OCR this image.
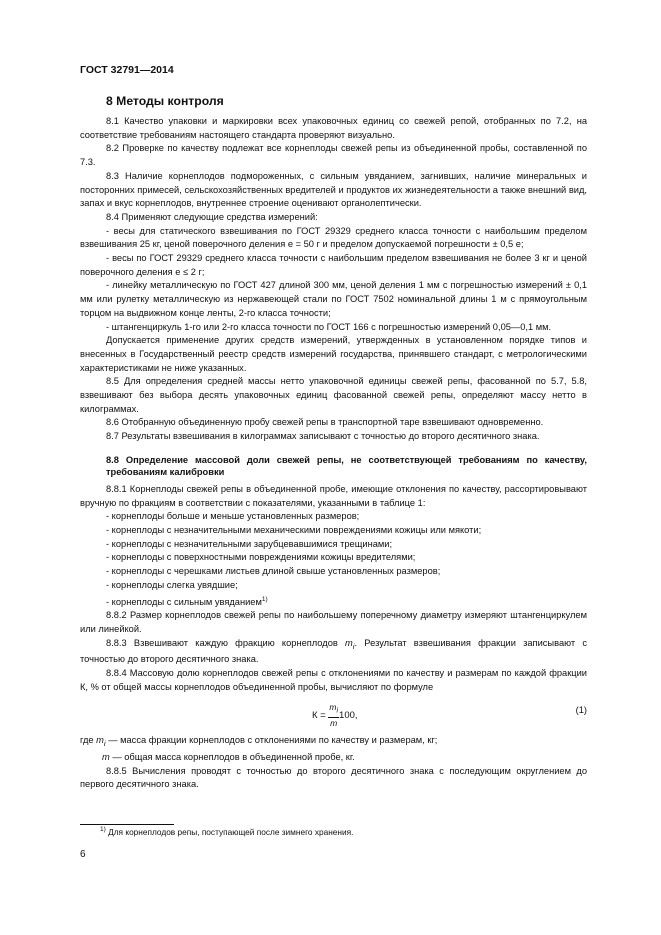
ГОСТ 32791—2014
8 Методы контроля

8.1 Качество упаковки и маркировки всех упаковочных единиц со свежей репой, отобранных по 7.2, на соответствие требованиям настоящего стандарта проверяют визуально.

8.2 Проверке по качеству подлежат все корнеплоды свежей репы из объединенной пробы, составленной по 7.3.

8.3 Наличие корнеплодов подмороженных, с сильным увяданием, загнивших, наличие минеральных и посторонних примесей, сельскохозяйственных вредителей и продуктов их жизнедеятельности а также внешний вид, запах и вкус корнеплодов, внутреннее строение оценивают органолептически.

8.4 Применяют следующие средства измерений:

- весы для статического взвешивания по ГОСТ 29329 среднего класса точности с наибольшим пределом взвешивания 25 кг, ценой поверочного деления е = 50 г и пределом допускаемой погрешности ± 0,5 е;

- весы по ГОСТ 29329 среднего класса точности с наибольшим пределом взвешивания не более 3 кг и ценой поверочного деления е ≤ 2 г;

- линейку металлическую по ГОСТ 427 длиной 300 мм, ценой деления 1 мм с погрешностью измерений ± 0,1 мм или рулетку металлическую из нержавеющей стали по ГОСТ 7502 номинальной длины 1 м с прямоугольным торцом на выдвижном конце ленты, 2-го класса точности;

- штангенциркуль 1-го или 2-го класса точности по ГОСТ 166 с погрешностью измерений 0,05—0,1 мм.

Допускается применение других средств измерений, утвержденных в установленном порядке типов и внесенных в Государственный реестр средств измерений государства, принявшего стандарт, с метрологическими характеристиками не ниже указанных.

8.5 Для определения средней массы нетто упаковочной единицы свежей репы, фасованной по 5.7, 5.8, взвешивают без выбора десять упаковочных единиц фасованной свежей репы, определяют массу нетто в килограммах.

8.6 Отобранную объединенную пробу свежей репы в транспортной таре взвешивают одновременно.

8.7 Результаты взвешивания в килограммах записывают с точностью до второго десятичного знака.

8.8 Определение массовой доли свежей репы, не соответствующей требованиям по качеству, требованиям калибровки

8.8.1 Корнеплоды свежей репы в объединенной пробе, имеющие отклонения по качеству, рассортировывают вручную по фракциям в соответствии с показателями, указанными в таблице 1:

- корнеплоды больше и меньше установленных размеров;

- корнеплоды с незначительными механическими повреждениями кожицы или мякоти;

- корнеплоды с незначительными зарубцевавшимися трещинами;

- корнеплоды с поверхностными повреждениями кожицы вредителями;

- корнеплоды с черешками листьев длиной свыше установленных размеров;

- корнеплоды слегка увядшие;

- корнеплоды с сильным увяданием$^{1)}$

8.8.2 Размер корнеплодов свежей репы по наибольшему поперечному диаметру измеряют штангенциркулем или линейкой.

8.8.3 Взвешивают каждую фракцию корнеплодов $m_i$. Результат взвешивания фракции записывают с точностью до второго десятичного знака.

8.8.4 Массовую долю корнеплодов свежей репы с отклонениями по качеству и размерам по каждой фракции К, % от общей массы корнеплодов объединенной пробы, вычисляют по формуле

$К = \frac{m_i}{m} 100$,	(1)

где $m_i$ — масса фракции корнеплодов с отклонениями по качеству и размерам, кг;

m — общая масса корнеплодов в объединенной пробе, кг.

8.8.5 Вычисления проводят с точностью до второго десятичного знака с последующим округлением до первого десятичного знака.

$^{1)}$ Для корнеплодов репы, поступающей после зимнего хранения.
6
